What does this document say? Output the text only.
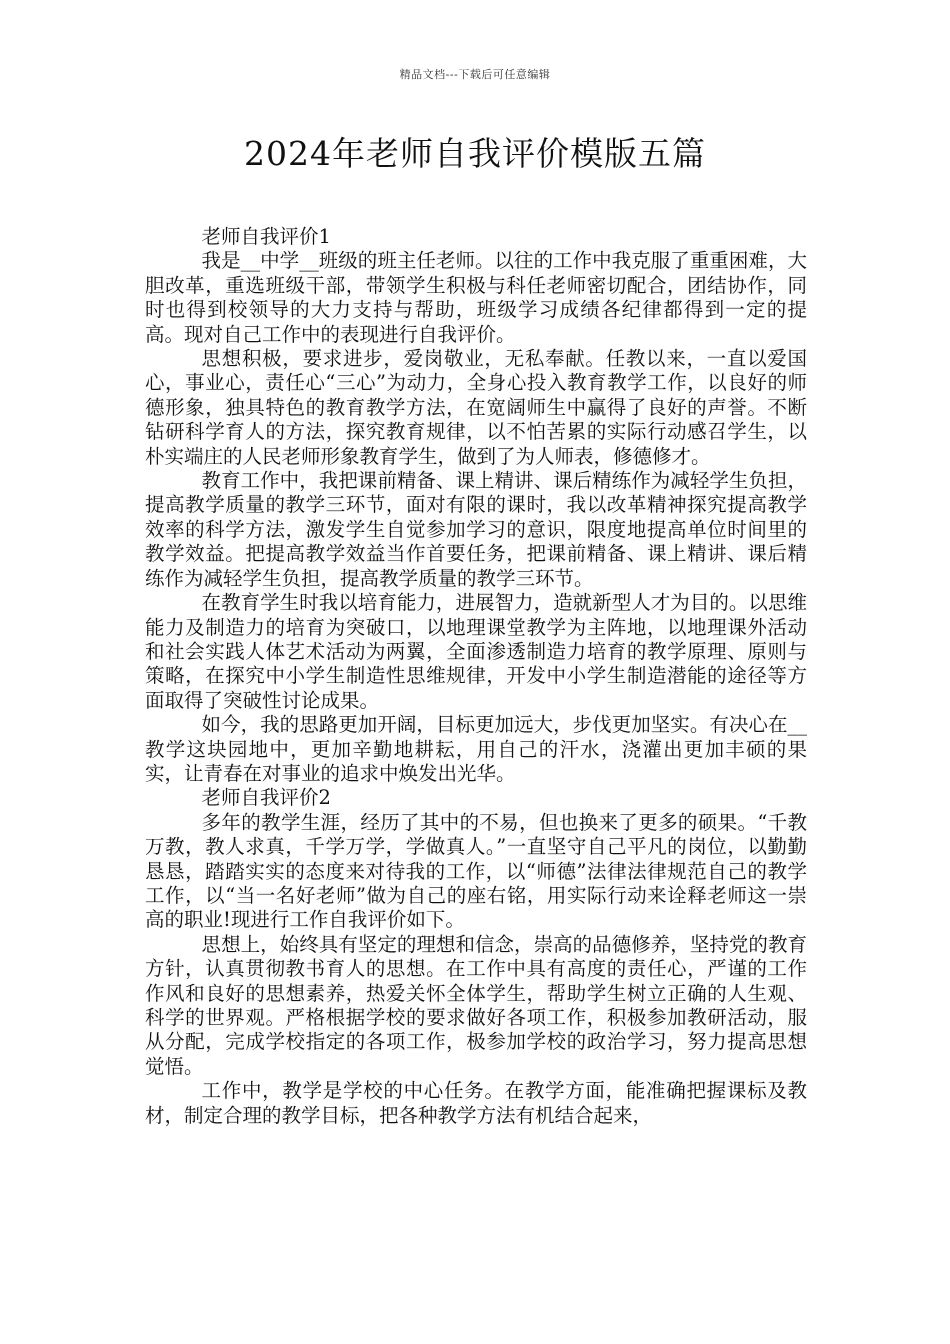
精品文档---下载后可任意编辑
2024年老师自我评价模版五篇

老师自我评价1

我是__中学__班级的班主任老师。以往的工作中我克服了重重困难，大胆改革，重选班级干部，带领学生积极与科任老师密切配合，团结协作，同时也得到校领导的大力支持与帮助，班级学习成绩各纪律都得到一定的提高。现对自己工作中的表现进行自我评价。

思想积极，要求进步，爱岗敬业，无私奉献。任教以来，一直以爱国心，事业心，责任心“三心”为动力，全身心投入教育教学工作，以良好的师德形象，独具特色的教育教学方法，在宽阔师生中赢得了良好的声誉。不断钻研科学育人的方法，探究教育规律，以不怕苦累的实际行动感召学生，以朴实端庄的人民老师形象教育学生，做到了为人师表，修德修才。

教育工作中，我把课前精备、课上精讲、课后精练作为减轻学生负担，提高教学质量的教学三环节，面对有限的课时，我以改革精神探究提高教学效率的科学方法，激发学生自觉参加学习的意识，限度地提高单位时间里的教学效益。把提高教学效益当作首要任务，把课前精备、课上精讲、课后精练作为减轻学生负担，提高教学质量的教学三环节。

在教育学生时我以培育能力，进展智力，造就新型人才为目的。以思维能力及制造力的培育为突破口，以地理课堂教学为主阵地，以地理课外活动和社会实践人体艺术活动为两翼，全面渗透制造力培育的教学原理、原则与策略，在探究中小学生制造性思维规律，开发中小学生制造潜能的途径等方面取得了突破性讨论成果。

如今，我的思路更加开阔，目标更加远大，步伐更加坚实。有决心在__教学这块园地中，更加辛勤地耕耘，用自己的汗水，浇灌出更加丰硕的果实，让青春在对事业的追求中焕发出光华。

老师自我评价2

多年的教学生涯，经历了其中的不易，但也换来了更多的硕果。“千教万教，教人求真，千学万学，学做真人。”一直坚守自己平凡的岗位，以勤勤恳恳，踏踏实实的态度来对待我的工作，以“师德”法律法律规范自己的教学工作，以“当一名好老师”做为自己的座右铭，用实际行动来诠释老师这一崇高的职业!现进行工作自我评价如下。

思想上，始终具有坚定的理想和信念，崇高的品德修养，坚持党的教育方针，认真贯彻教书育人的思想。在工作中具有高度的责任心，严谨的工作作风和良好的思想素养，热爱关怀全体学生，帮助学生树立正确的人生观、科学的世界观。严格根据学校的要求做好各项工作，积极参加教研活动，服从分配，完成学校指定的各项工作，极参加学校的政治学习，努力提高思想觉悟。

工作中，教学是学校的中心任务。在教学方面，能准确把握课标及教材，制定合理的教学目标，把各种教学方法有机结合起来，
